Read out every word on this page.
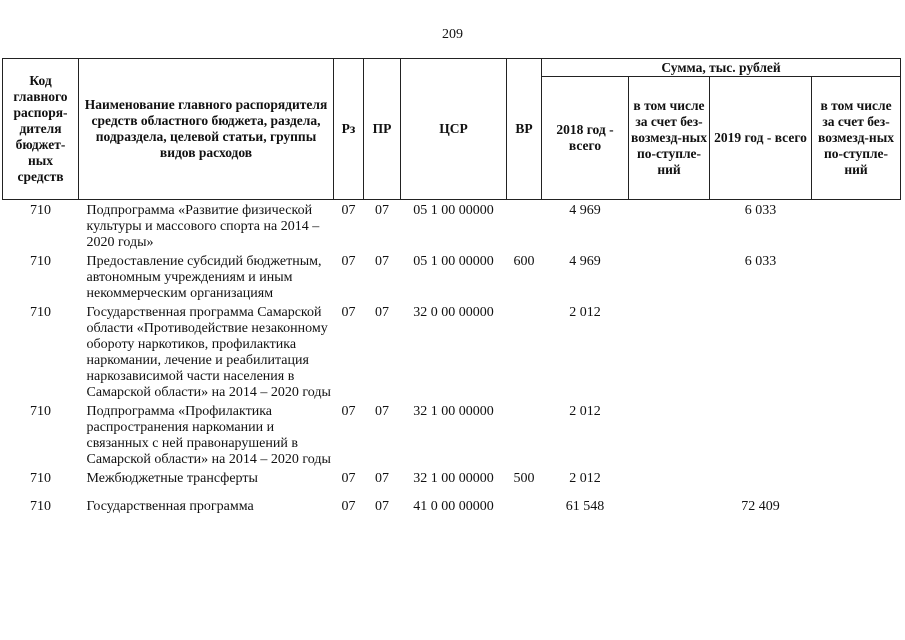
209
Код главного распоря-дителя бюджет-ных средств	Наименование главного распорядителя средств областного бюджета, раздела, подраздела, целевой статьи, группы видов расходов	Рз	ПР	ЦСР	ВР	Сумма, тыс. рублей			
						2018 год - всего	в том числе за счет без-возмезд-ных по-ступле-ний	2019 год - всего	в том числе за счет без-возмезд-ных по-ступле-ний
710	Подпрограмма «Развитие физической культуры и массового спорта на 2014 – 2020 годы»	07	07	05 1 00 00000		4 969		6 033	
710	Предоставление субсидий бюджетным, автономным учреждениям и иным некоммерческим организациям	07	07	05 1 00 00000	600	4 969		6 033	
710	Государственная программа Самарской области «Противодействие незаконному обороту наркотиков, профилактика наркомании, лечение и реабилитация наркозависимой части населения в Самарской области» на 2014 – 2020 годы	07	07	32 0 00 00000		2 012			
710	Подпрограмма «Профилактика распространения наркомании и связанных с ней правонарушений в Самарской области» на 2014 – 2020 годы	07	07	32 1 00 00000		2 012			
710	Межбюджетные трансферты	07	07	32 1 00 00000	500	2 012			
710	Государственная программа	07	07	41 0 00 00000		61 548		72 409	
